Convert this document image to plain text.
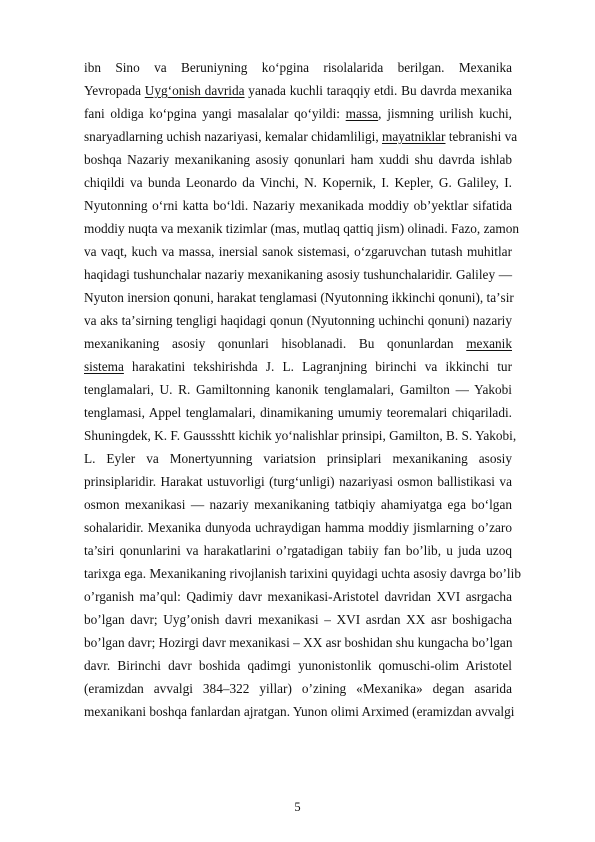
ibn Sino va Beruniyning koʻpgina risolalarida berilgan. Mexanika
Yevropada Uygʻonish davrida yanada kuchli taraqqiy etdi. Bu davrda mexanika
fani oldiga koʻpgina yangi masalalar qoʻyildi: massa, jismning urilish kuchi,
snaryadlarning uchish nazariyasi, kemalar chidamliligi, mayatniklar tebranishi va
boshqa Nazariy mexanikaning asosiy qonunlari ham xuddi shu davrda ishlab
chiqildi va bunda Leonardo da Vinchi, N. Kopernik, I. Kepler, G. Galiley, I.
Nyutonning oʻrni katta boʻldi. Nazariy mexanikada moddiy obʼyektlar sifatida
moddiy nuqta va mexanik tizimlar (mas, mutlaq qattiq jism) olinadi. Fazo, zamon
va vaqt, kuch va massa, inersial sanok sistemasi, oʻzgaruvchan tutash muhitlar
haqidagi tushunchalar nazariy mexanikaning asosiy tushunchalaridir. Galiley —
Nyuton inersion qonuni, harakat tenglamasi (Nyutonning ikkinchi qonuni), taʼsir
va aks taʼsirning tengligi haqidagi qonun (Nyutonning uchinchi qonuni) nazariy
mexanikaning asosiy qonunlari hisoblanadi. Bu qonunlardan mexanik
sistema harakatini tekshirishda J. L. Lagranjning birinchi va ikkinchi tur
tenglamalari, U. R. Gamiltonning kanonik tenglamalari, Gamilton — Yakobi
tenglamasi, Appel tenglamalari, dinamikaning umumiy teoremalari chiqariladi.
Shuningdek, K. F. Gaussshtt kichik yoʻnalishlar prinsipi, Gamilton, B. S. Yakobi,
L. Eyler va Monertyunning variatsion prinsiplari mexanikaning asosiy
prinsiplaridir. Harakat ustuvorligi (turgʻunligi) nazariyasi osmon ballistikasi va
osmon mexanikasi — nazariy mexanikaning tatbiqiy ahamiyatga ega boʻlgan
sohalaridir. Mexanika dunyoda uchraydigan hamma moddiy jismlarning o’zaro
ta’siri qonunlarini va harakatlarini o’rgatadigan tabiiy fan bo’lib, u juda uzoq
tarixga ega. Mexanikaning rivojlanish tarixini quyidagi uchta asosiy davrga bo’lib
o’rganish ma’qul: Qadimiy davr mexanikasi-Aristotel davridan XVI asrgacha
bo’lgan davr; Uyg’onish davri mexanikasi – XVI asrdan XX asr boshigacha
bo’lgan davr; Hozirgi davr mexanikasi – XX asr boshidan shu kungacha bo’lgan
davr. Birinchi davr boshida qadimgi yunonistonlik qomuschi-olim Aristotel
(eramizdan avvalgi 384–322 yillar) o’zining «Mexanika» degan asarida
mexanikani boshqa fanlardan ajratgan. Yunon olimi Arximed (eramizdan avvalgi
5
